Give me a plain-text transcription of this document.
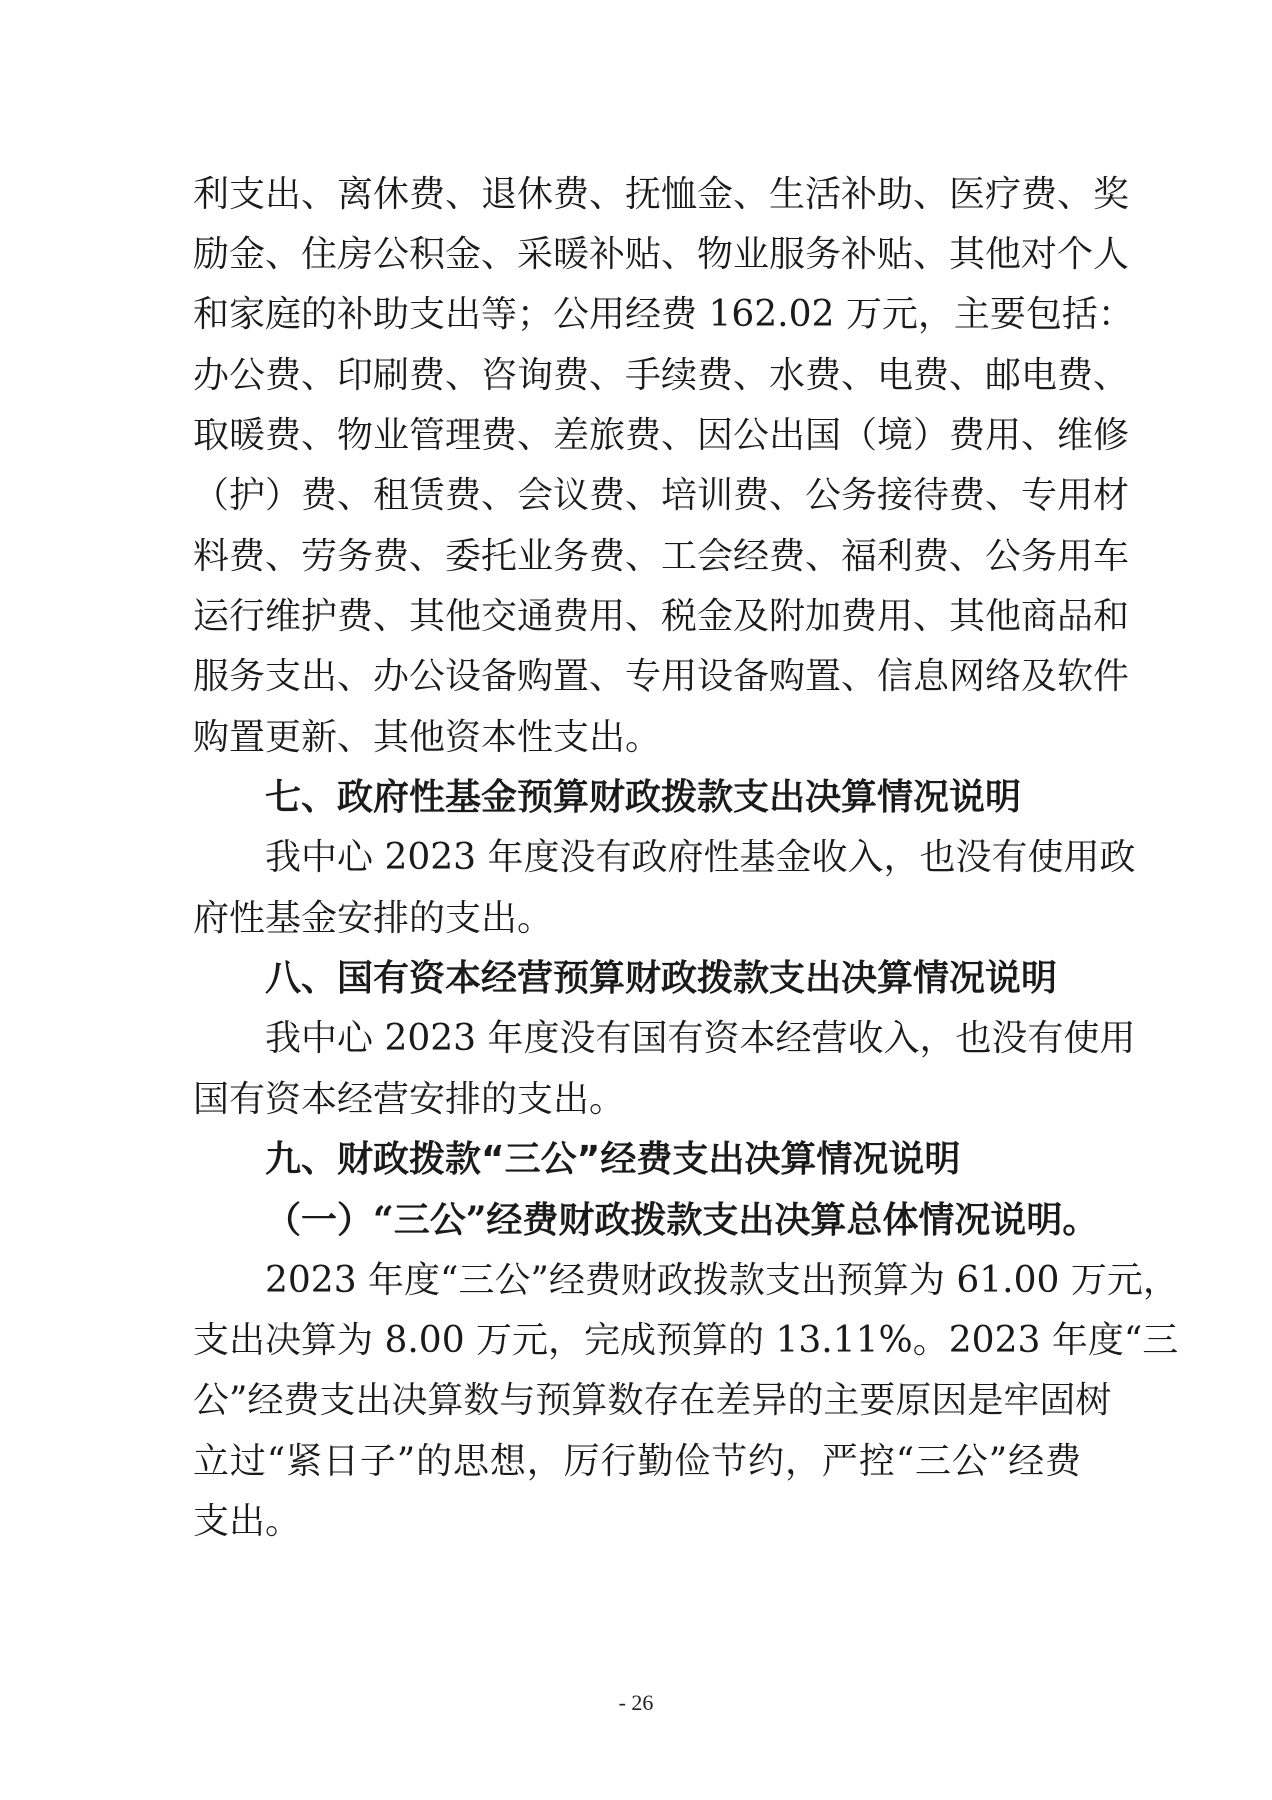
利支出、离休费、退休费、抚恤金、生活补助、医疗费、奖
励金、住房公积金、采暖补贴、物业服务补贴、其他对个人
和家庭的补助支出等；公用经费 162.02 万元，主要包括：
办公费、印刷费、咨询费、手续费、水费、电费、邮电费、
取暖费、物业管理费、差旅费、因公出国（境）费用、维修
（护）费、租赁费、会议费、培训费、公务接待费、专用材
料费、劳务费、委托业务费、工会经费、福利费、公务用车
运行维护费、其他交通费用、税金及附加费用、其他商品和
服务支出、办公设备购置、专用设备购置、信息网络及软件
购置更新、其他资本性支出。
七、政府性基金预算财政拨款支出决算情况说明
我中心 2023 年度没有政府性基金收入，也没有使用政
府性基金安排的支出。
八、国有资本经营预算财政拨款支出决算情况说明
我中心 2023 年度没有国有资本经营收入，也没有使用
国有资本经营安排的支出。
九、财政拨款“三公”经费支出决算情况说明
（一）“三公”经费财政拨款支出决算总体情况说明。
2023 年度“三公”经费财政拨款支出预算为 61.00 万元，
支出决算为 8.00 万元，完成预算的 13.11%。2023 年度“三
公”经费支出决算数与预算数存在差异的主要原因是牢固树
立过“紧日子”的思想，厉行勤俭节约，严控“三公”经费
支出。
- 26
